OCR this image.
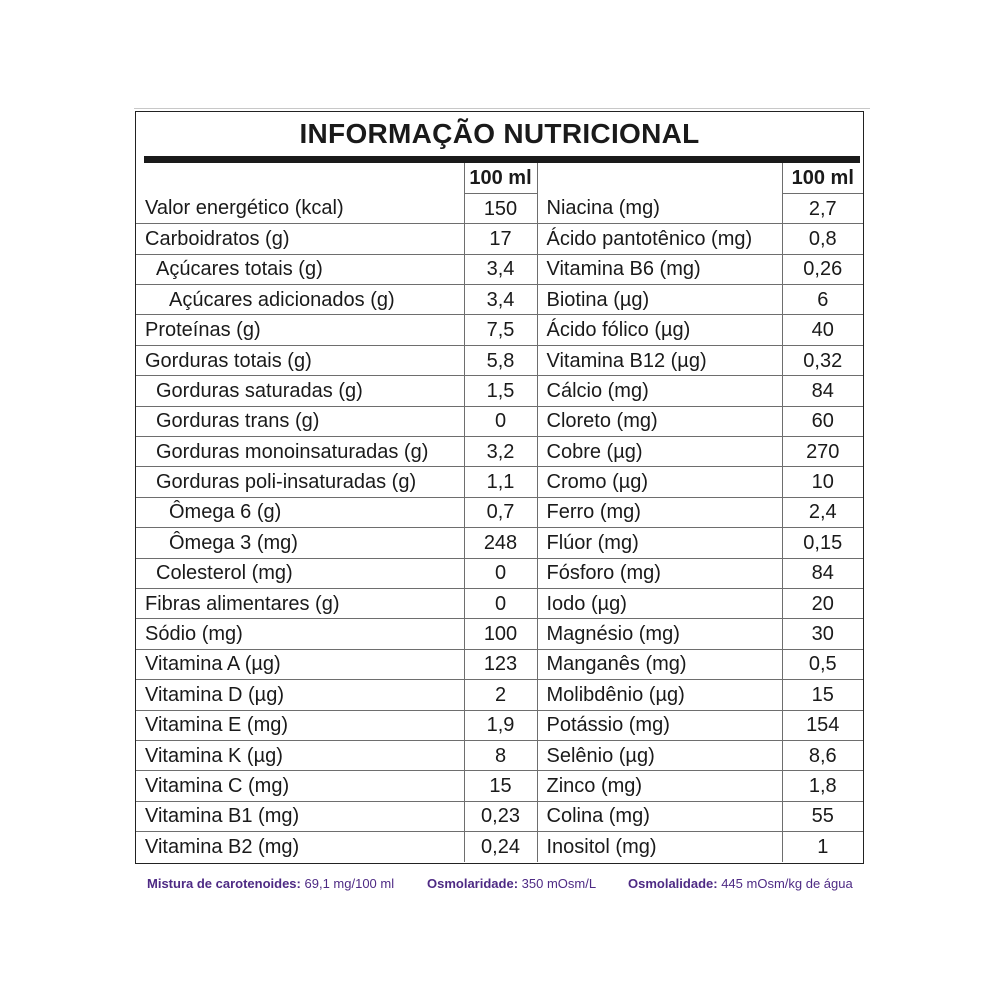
INFORMAÇÃO NUTRICIONAL
	100 ml		100 ml
Valor energético (kcal)	150	Niacina (mg)	2,7
Carboidratos (g)	17	Ácido pantotênico (mg)	0,8
Açúcares totais (g)	3,4	Vitamina B6 (mg)	0,26
Açúcares adicionados (g)	3,4	Biotina (µg)	6
Proteínas (g)	7,5	Ácido fólico (µg)	40
Gorduras totais (g)	5,8	Vitamina B12 (µg)	0,32
Gorduras saturadas (g)	1,5	Cálcio (mg)	84
Gorduras trans (g)	0	Cloreto (mg)	60
Gorduras monoinsaturadas (g)	3,2	Cobre (µg)	270
Gorduras poli-insaturadas (g)	1,1	Cromo (µg)	10
Ômega 6 (g)	0,7	Ferro (mg)	2,4
Ômega 3 (mg)	248	Flúor (mg)	0,15
Colesterol (mg)	0	Fósforo (mg)	84
Fibras alimentares (g)	0	Iodo (µg)	20
Sódio (mg)	100	Magnésio (mg)	30
Vitamina A (µg)	123	Manganês (mg)	0,5
Vitamina D (µg)	2	Molibdênio (µg)	15
Vitamina E (mg)	1,9	Potássio (mg)	154
Vitamina K (µg)	8	Selênio (µg)	8,6
Vitamina C (mg)	15	Zinco (mg)	1,8
Vitamina B1 (mg)	0,23	Colina (mg)	55
Vitamina B2 (mg)	0,24	Inositol (mg)	1
Mistura de carotenoides: 69,1 mg/100 ml	Osmolaridade: 350 mOsm/L Osmolalidade: 445 mOsm/kg de água
